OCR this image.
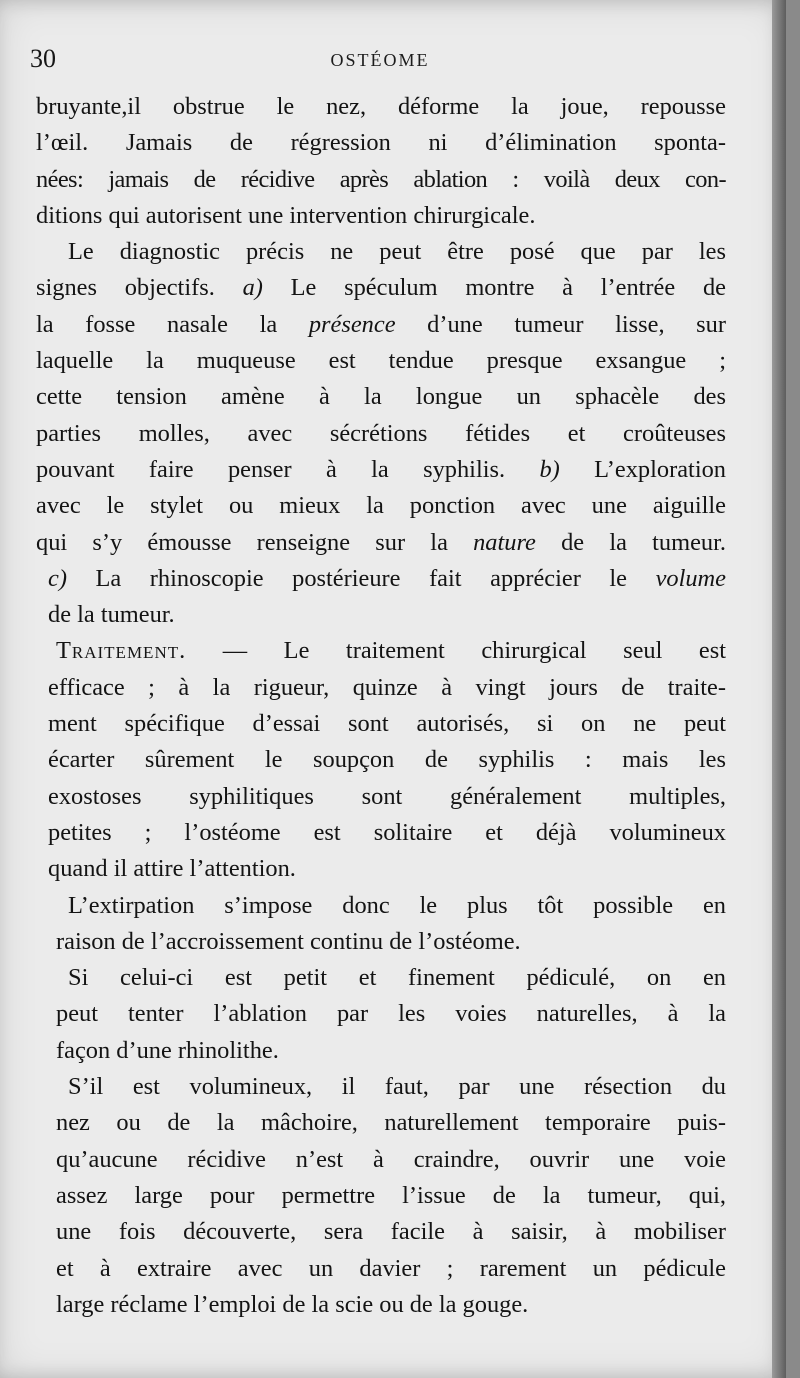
30	OSTÉOME
bruyante,il obstrue le nez, déforme la joue, repousse
l’œil. Jamais de régression ni d’élimination sponta-
nées: jamais de récidive après ablation : voilà deux con-
ditions qui autorisent une intervention chirurgicale.
Le diagnostic précis ne peut être posé que par les
signes objectifs. a) Le spéculum montre à l’entrée de
la fosse nasale la présence d’une tumeur lisse, sur
laquelle la muqueuse est tendue presque exsangue ;
cette tension amène à la longue un sphacèle des
parties molles, avec sécrétions fétides et croûteuses
pouvant faire penser à la syphilis. b) L’exploration
avec le stylet ou mieux la ponction avec une aiguille
qui s’y émousse renseigne sur la nature de la tumeur.
c) La rhinoscopie postérieure fait apprécier le volume
de la tumeur.
Traitement. — Le traitement chirurgical seul est
efficace ; à la rigueur, quinze à vingt jours de traite-
ment spécifique d’essai sont autorisés, si on ne peut
écarter sûrement le soupçon de syphilis : mais les
exostoses syphilitiques sont généralement multiples,
petites ; l’ostéome est solitaire et déjà volumineux
quand il attire l’attention.
L’extirpation s’impose donc le plus tôt possible en
raison de l’accroissement continu de l’ostéome.
Si celui-ci est petit et finement pédiculé, on en
peut tenter l’ablation par les voies naturelles, à la
façon d’une rhinolithe.
S’il est volumineux, il faut, par une résection du
nez ou de la mâchoire, naturellement temporaire puis-
qu’aucune récidive n’est à craindre, ouvrir une voie
assez large pour permettre l’issue de la tumeur, qui,
une fois découverte, sera facile à saisir, à mobiliser
et à extraire avec un davier ; rarement un pédicule
large réclame l’emploi de la scie ou de la gouge.
